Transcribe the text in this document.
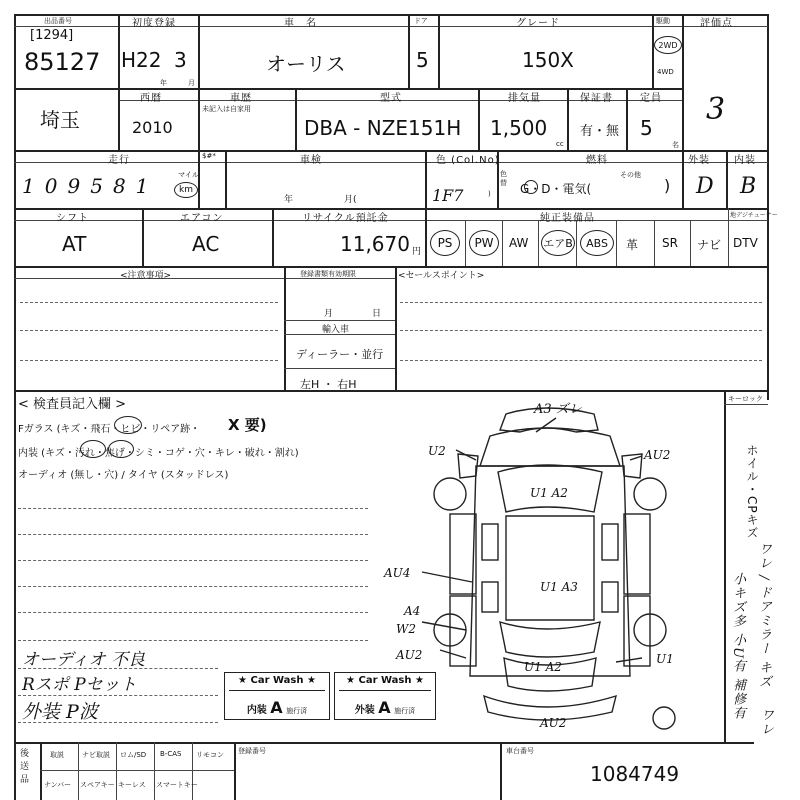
出品番号
[1294]
85127
初度登録
H22 3
年	月
車　名
オーリス
ドア
5
グレード
150X
駆動
2WD
4WD
評価点
3
埼玉
西暦
2010
車歴
未記入は自家用
型式
DBA - NZE151H
排気量
1,500
cc
保証書
有・無
定員
5
名
走行
1 0 9 5 8 1	マイル
km
$#*	車検
年	月(
色 (Col.No)
1F7	)
色替
燃料
G・D・電気(
その他
)
外装
D
内装
B
シフト
AT
エアコン
AC
リサイクル預託金
11,670 円
純正装備品	地デジチューナー
PS PW AW エアB ABS 革 SR ナビ DTV
<注意事項>	登録書類有効期限
月	日
輸入車
ディーラー・並行
左H ・ 右H
<セールスポイント>
< 検査員記入欄 >
Fガラス (キズ・飛石・ヒビ・リペア跡・ X 要)
内装 (キズ・汚れ・焦げ・シミ・コゲ・穴・キレ・破れ・割れ)
オーディオ (無し・穴) / タイヤ (スタッドレス)
オーディオ 不良
Rスポ Pセット
外装 P波
★ Car Wash ★
内装 A 施行済
★ Car Wash ★
外装 A 施行済
A3 ズレ
U2	AU2
U1 A2
AU4
U1 A3
A4
W2
AU2
U1 A2
U1
AU2
キーロック
ホイル・CPキズ
ワレ / ドアミラー キズ
小キズ多 小U有 補修有
ワレ
後送品
取説	ナビ取説 ロム/SD B-CAS リモコン
ナンバー スペアキー キーレス スマートキー
登録番号	車台番号
1084749
